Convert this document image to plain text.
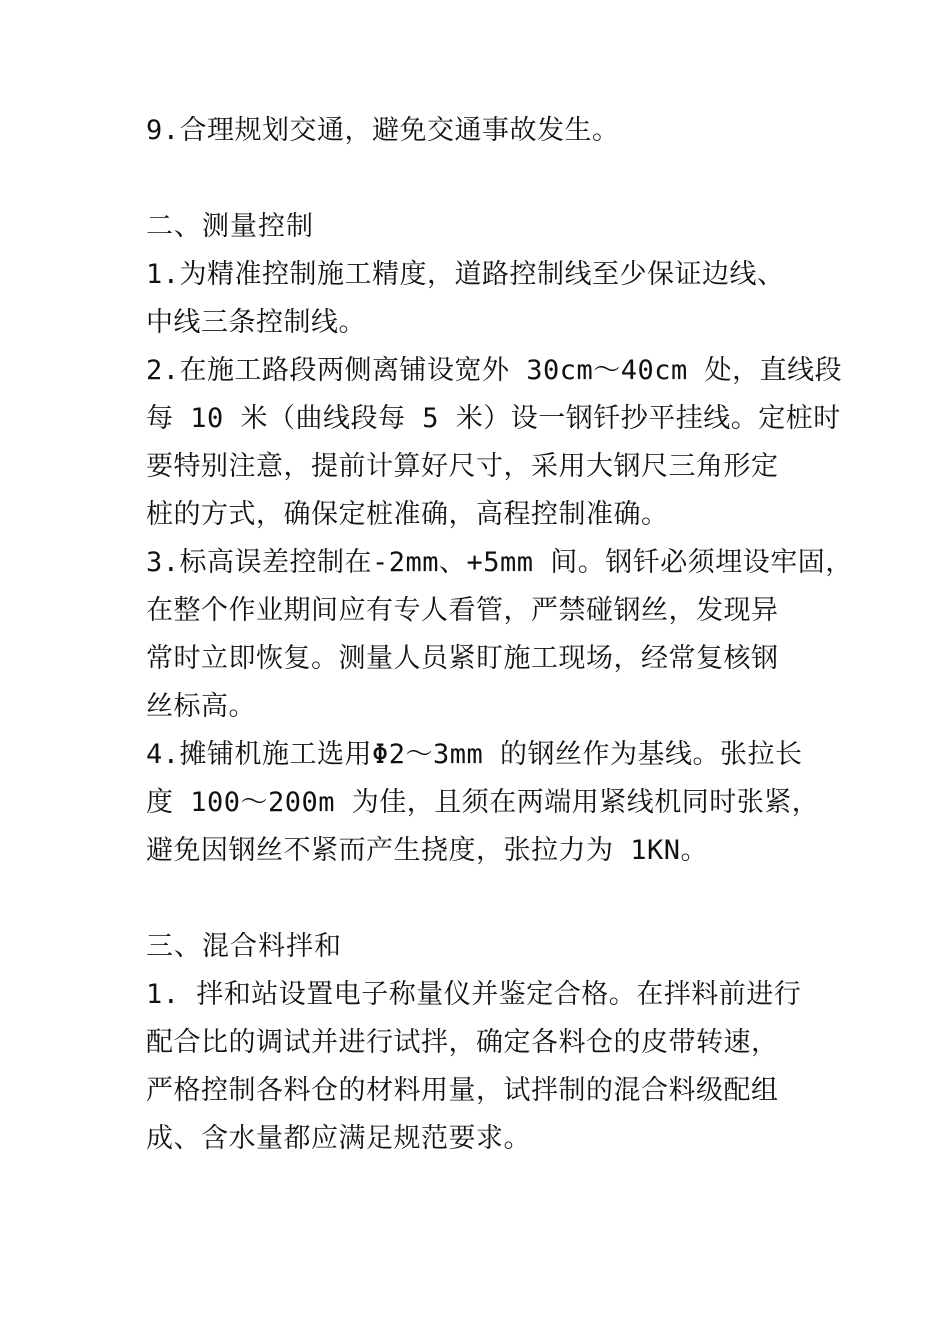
9.合理规划交通，避免交通事故发生。
二、测量控制
1.为精准控制施工精度，道路控制线至少保证边线、
中线三条控制线。
2.在施工路段两侧离铺设宽外 30cm～40cm 处，直线段
每 10 米（曲线段每 5 米）设一钢钎抄平挂线。定桩时
要特别注意，提前计算好尺寸，采用大钢尺三角形定
桩的方式，确保定桩准确，高程控制准确。
3.标高误差控制在-2mm、+5mm 间。钢钎必须埋设牢固，
在整个作业期间应有专人看管，严禁碰钢丝，发现异
常时立即恢复。测量人员紧盯施工现场，经常复核钢
丝标高。
4.摊铺机施工选用Φ2～3mm 的钢丝作为基线。张拉长
度 100～200m 为佳，且须在两端用紧线机同时张紧，
避免因钢丝不紧而产生挠度，张拉力为 1KN。
三、混合料拌和
1. 拌和站设置电子称量仪并鉴定合格。在拌料前进行
配合比的调试并进行试拌，确定各料仓的皮带转速，
严格控制各料仓的材料用量，试拌制的混合料级配组
成、含水量都应满足规范要求。
